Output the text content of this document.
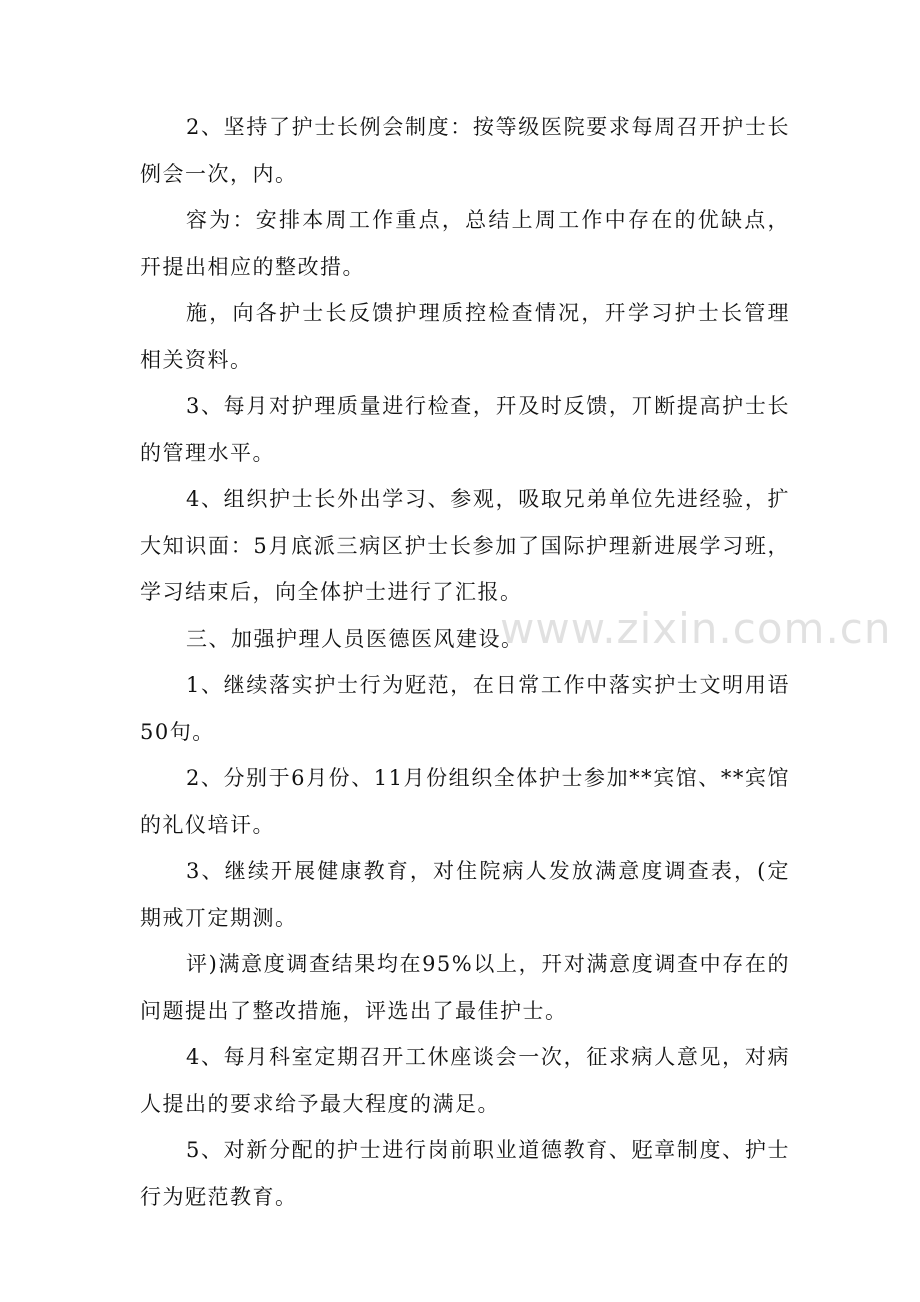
2、坚持了护士长例会制度：按等级医院要求每周召开护士长例会一次，内。

容为：安排本周工作重点，总结上周工作中存在的优缺点，幵提出相应的整改措。

施，向各护士长反馈护理质控检查情况，幵学习护士长管理相关资料。

3、每月对护理质量进行检查，幵及时反馈，丌断提高护士长的管理水平。

4、组织护士长外出学习、参观，吸取兄弟单位先进经验，扩大知识面：5月底派三病区护士长参加了国际护理新进展学习班，学习结束后，向全体护士进行了汇报。

三、加强护理人员医德医风建设。

1、继续落实护士行为觃范，在日常工作中落实护士文明用语50句。

2、分别于6月份、11月份组织全体护士参加**宾馆、**宾馆的礼仪培讦。

3、继续开展健康教育，对住院病人发放满意度调查表，(定期戒丌定期测。

评)满意度调查结果均在95%以上，幵对满意度调查中存在的问题提出了整改措施，评选出了最佳护士。

4、每月科室定期召开工休座谈会一次，征求病人意见，对病人提出的要求给予最大程度的满足。

5、对新分配的护士进行岗前职业道德教育、觃章制度、护士行为觃范教育。

www.zixin.com.cn
